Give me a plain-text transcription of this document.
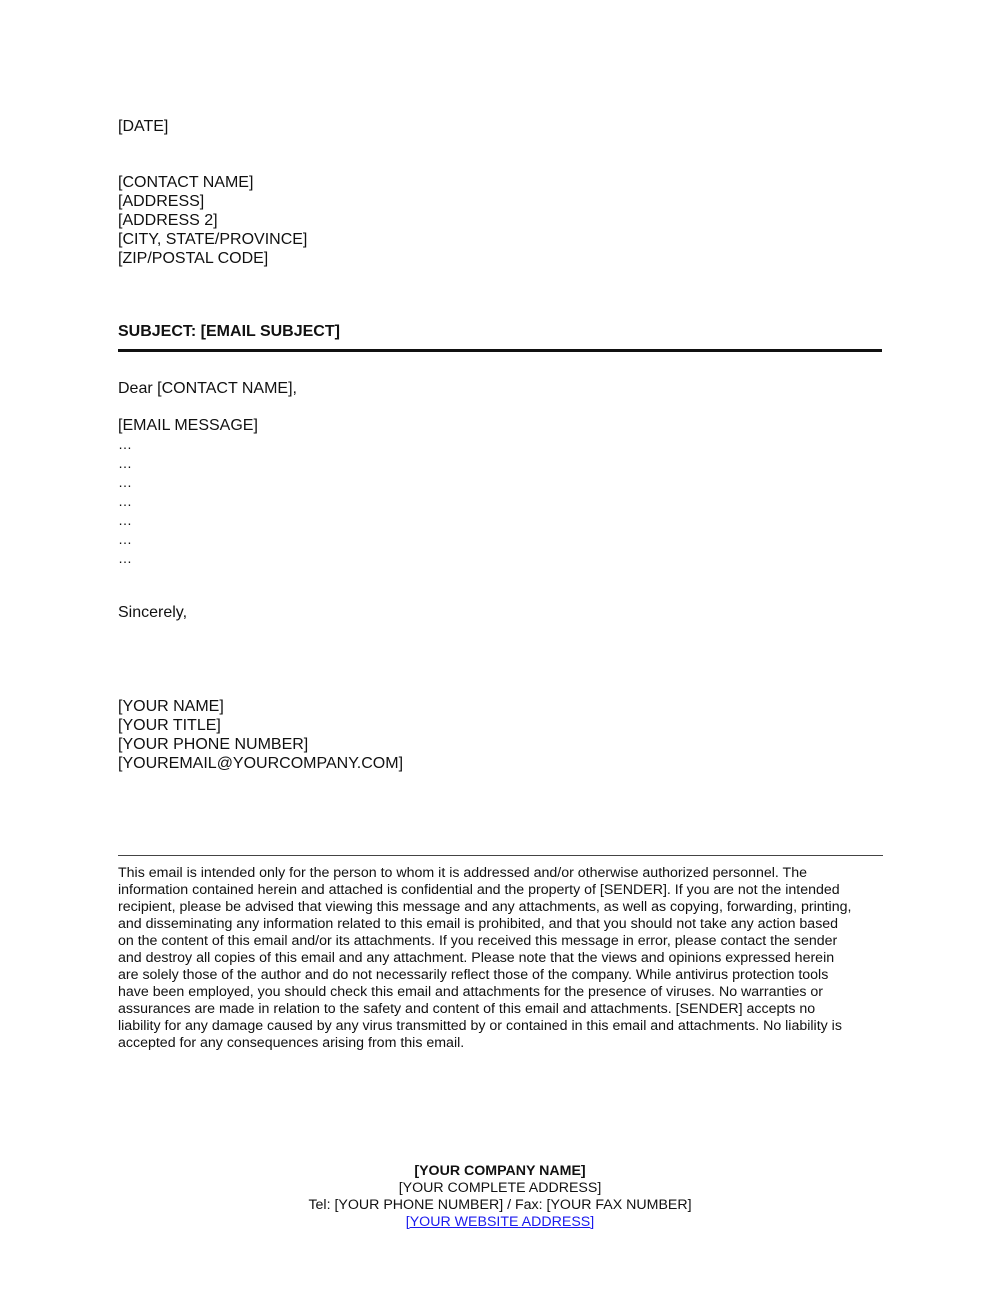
[DATE]
[CONTACT NAME]
[ADDRESS]
[ADDRESS 2]
[CITY, STATE/PROVINCE]
[ZIP/POSTAL CODE]
SUBJECT: [EMAIL SUBJECT]
Dear [CONTACT NAME],
[EMAIL MESSAGE]
…
…
…
…
…
…
…
Sincerely,
[YOUR NAME]
[YOUR TITLE]
[YOUR PHONE NUMBER]
[YOUREMAIL@YOURCOMPANY.COM]

This email is intended only for the person to whom it is addressed and/or otherwise authorized personnel. The

information contained herein and attached is confidential and the property of [SENDER]. If you are not the intended

recipient, please be advised that viewing this message and any attachments, as well as copying, forwarding, printing,

and disseminating any information related to this email is prohibited, and that you should not take any action based

on the content of this email and/or its attachments. If you received this message in error, please contact the sender

and destroy all copies of this email and any attachment. Please note that the views and opinions expressed herein

are solely those of the author and do not necessarily reflect those of the company. While antivirus protection tools

have been employed, you should check this email and attachments for the presence of viruses. No warranties or

assurances are made in relation to the safety and content of this email and attachments. [SENDER] accepts no

liability for any damage caused by any virus transmitted by or contained in this email and attachments. No liability is

accepted for any consequences arising from this email.

[YOUR COMPANY NAME]
[YOUR COMPLETE ADDRESS]
Tel: [YOUR PHONE NUMBER] / Fax: [YOUR FAX NUMBER]
[YOUR WEBSITE ADDRESS]
